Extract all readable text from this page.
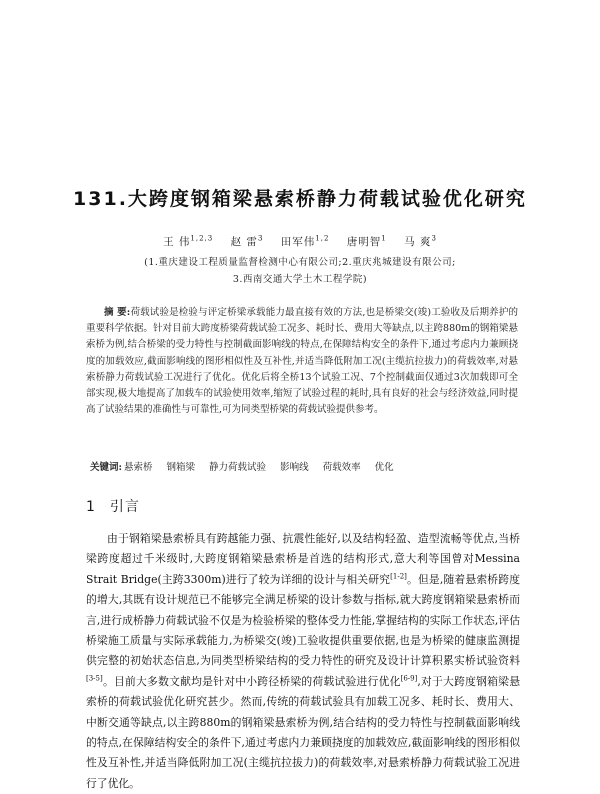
131.大跨度钢箱梁悬索桥静力荷载试验优化研究
王 伟$^{1,2,3}$ 赵 雷$^3$ 田军伟$^{1,2}$ 唐明智$^1$ 马 爽$^3$
(1.重庆建设工程质量监督检测中心有限公司;2.重庆兆城建设有限公司;
3.西南交通大学土木工程学院)
摘 要:荷载试验是检验与评定桥梁承载能力最直接有效的方法,也是桥梁交(竣)工验收及后期养护的重要科学依据。针对目前大跨度桥梁荷载试验工况多、耗时长、费用大等缺点,以主跨880m的钢箱梁悬索桥为例,结合桥梁的受力特性与控制截面影响线的特点,在保障结构安全的条件下,通过考虑内力兼顾挠度的加载效应,截面影响线的图形相似性及互补性,并适当降低附加工况(主缆抗拉拔力)的荷载效率,对悬索桥静力荷载试验工况进行了优化。优化后将全桥13个试验工况、7个控制截面仅通过3次加载即可全部实现,极大地提高了加载车的试验使用效率,缩短了试验过程的耗时,具有良好的社会与经济效益,同时提高了试验结果的准确性与可靠性,可为同类型桥梁的荷载试验提供参考。
关键词: 悬索桥 钢箱梁 静力荷载试验 影响线 荷载效率 优化
1 引言
由于钢箱梁悬索桥具有跨越能力强、抗震性能好,以及结构轻盈、造型流畅等优点,当桥梁跨度超过千米级时,大跨度钢箱梁悬索桥是首选的结构形式,意大利等国曾对Messina Strait Bridge(主跨3300m)进行了较为详细的设计与相关研究[1-2]。但是,随着悬索桥跨度的增大,其既有设计规范已不能够完全满足桥梁的设计参数与指标,就大跨度钢箱梁悬索桥而言,进行成桥静力荷载试验不仅是为检验桥梁的整体受力性能,掌握结构的实际工作状态,评估桥梁施工质量与实际承载能力,为桥梁交(竣)工验收提供重要依据,也是为桥梁的健康监测提供完整的初始状态信息,为同类型桥梁结构的受力特性的研究及设计计算积累实桥试验资料[3-5]。目前大多数文献均是针对中小跨径桥梁的荷载试验进行优化[6-9],对于大跨度钢箱梁悬索桥的荷载试验优化研究甚少。然而,传统的荷载试验具有加载工况多、耗时长、费用大、中断交通等缺点,以主跨880m的钢箱梁悬索桥为例,结合结构的受力特性与控制截面影响线的特点,在保障结构安全的条件下,通过考虑内力兼顾挠度的加载效应,截面影响线的图形相似性及互补性,并适当降低附加工况(主缆抗拉拔力)的荷载效率,对悬索桥静力荷载试验工况进行了优化。
